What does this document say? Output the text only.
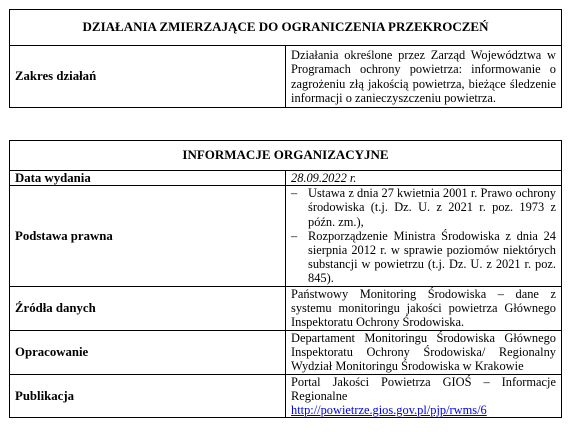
DZIAŁANIA ZMIERZAJĄCE DO OGRANICZENIA PRZEKROCZEŃ
Zakres działań	Działania określone przez Zarząd Województwa w Programach ochrony powietrza: informowanie o zagrożeniu złą jakością powietrza, bieżące śledzenie informacji o zanieczyszczeniu powietrza.
INFORMACJE ORGANIZACYJNE	
Data wydania	28.09.2022 r.
Podstawa prawna	– Ustawa z dnia 27 kwietnia 2001 r. Prawo ochrony środowiska (t.j. Dz. U. z 2021 r. poz. 1973 z późn. zm.),
– Rozporządzenie Ministra Środowiska z dnia 24 sierpnia 2012 r. w sprawie poziomów niektórych substancji w powietrzu (t.j. Dz. U. z 2021 r. poz. 845).

Źródła danych	Państwowy Monitoring Środowiska – dane z systemu monitoringu jakości powietrza Głównego Inspektoratu Ochrony Środowiska.
Opracowanie	Departament Monitoringu Środowiska Głównego Inspektoratu Ochrony Środowiska/ Regionalny Wydział Monitoringu Środowiska w Krakowie
Publikacja	Portal Jakości Powietrza GIOŚ – Informacje Regionalne

http://powietrze.gios.gov.pl/pjp/rwms/6
